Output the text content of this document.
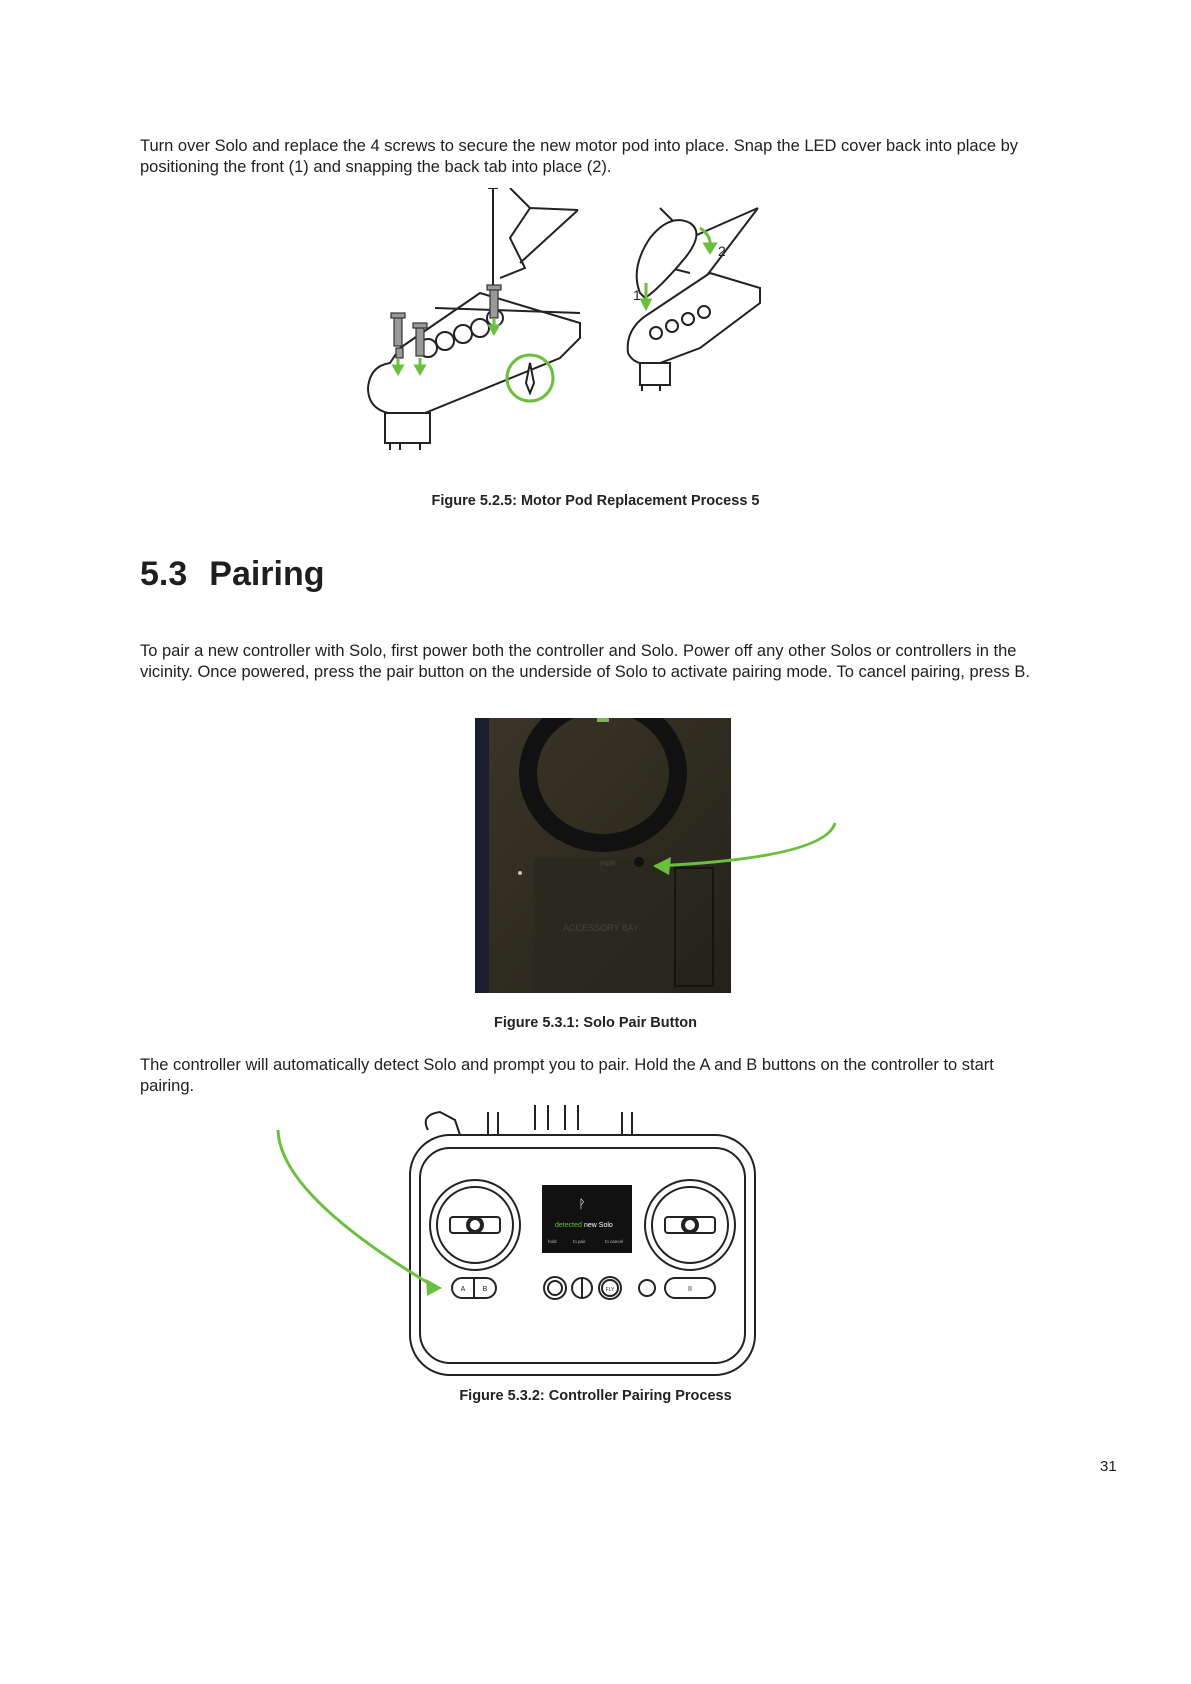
Turn over Solo and replace the 4 screws to secure the new motor pod into place. Snap the LED cover back into place by positioning the front (1) and snapping the back tab into place (2).

1
2

Figure 5.2.5: Motor Pod Replacement Process 5

5.3 Pairing

To pair a new controller with Solo, first power both the controller and Solo. Power off any other Solos or controllers in the vicinity. Once powered, press the pair button on the underside of Solo to activate pairing mode. To cancel pairing, press B.

PAIR
ACCESSORY BAY

Figure 5.3.1: Solo Pair Button

The controller will automatically detect Solo and prompt you to pair. Hold the A and B buttons on the controller to start pairing.

ᚹ
detected new Solo
hold	to pair	to cancel
A B	FLY	II

Figure 5.3.2: Controller Pairing Process

31
